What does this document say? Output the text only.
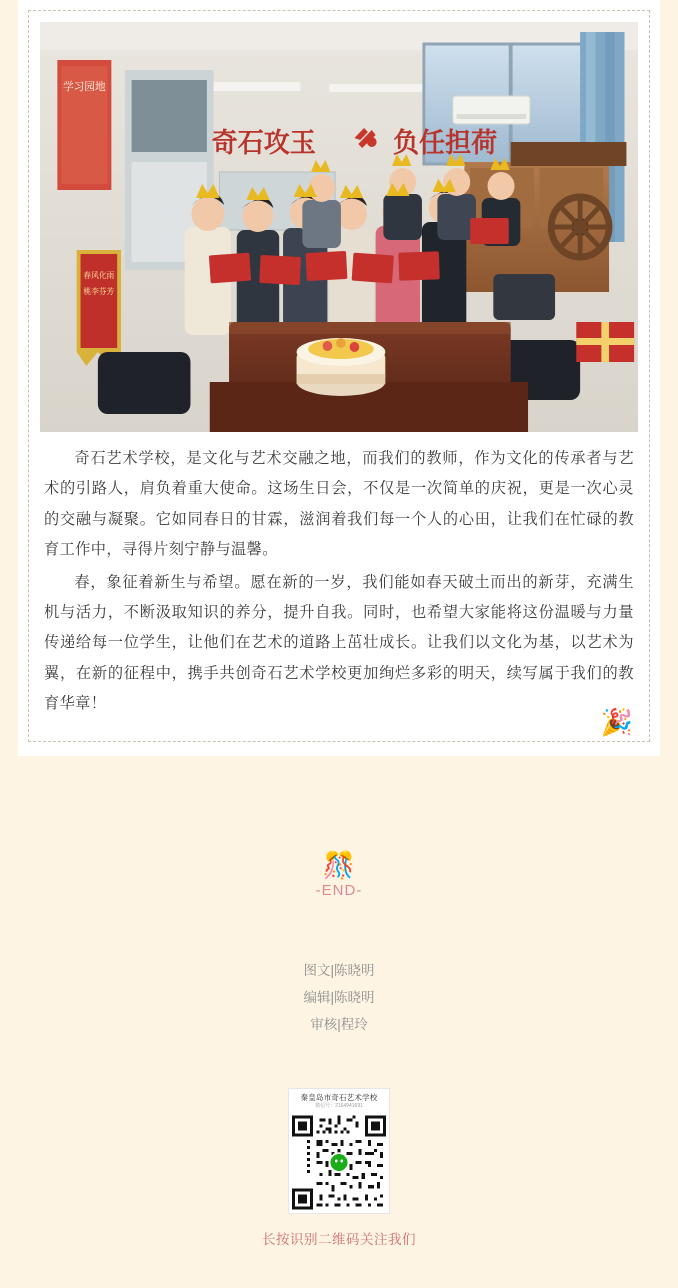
学习园地
奇石攻玉	负任担荷
春风化雨
桃李芬芳

奇石艺术学校，是文化与艺术交融之地，而我们的教师，作为文化的传承者与艺术的引路人，肩负着重大使命。这场生日会，不仅是一次简单的庆祝，更是一次心灵的交融与凝聚。它如同春日的甘霖，滋润着我们每一个人的心田，让我们在忙碌的教育工作中，寻得片刻宁静与温馨。

春，象征着新生与希望。愿在新的一岁，我们能如春天破土而出的新芽，充满生机与活力，不断汲取知识的养分，提升自我。同时，也希望大家能将这份温暖与力量传递给每一位学生，让他们在艺术的道路上茁壮成长。让我们以文化为基，以艺术为翼，在新的征程中，携手共创奇石艺术学校更加绚烂多彩的明天，续写属于我们的教育华章！

🎉
🎊
-END-
图文|陈晓明
编辑|陈晓明
审核|程玲
秦皇岛市奇石艺术学校
微信号：2164941691
长按识别二维码关注我们
